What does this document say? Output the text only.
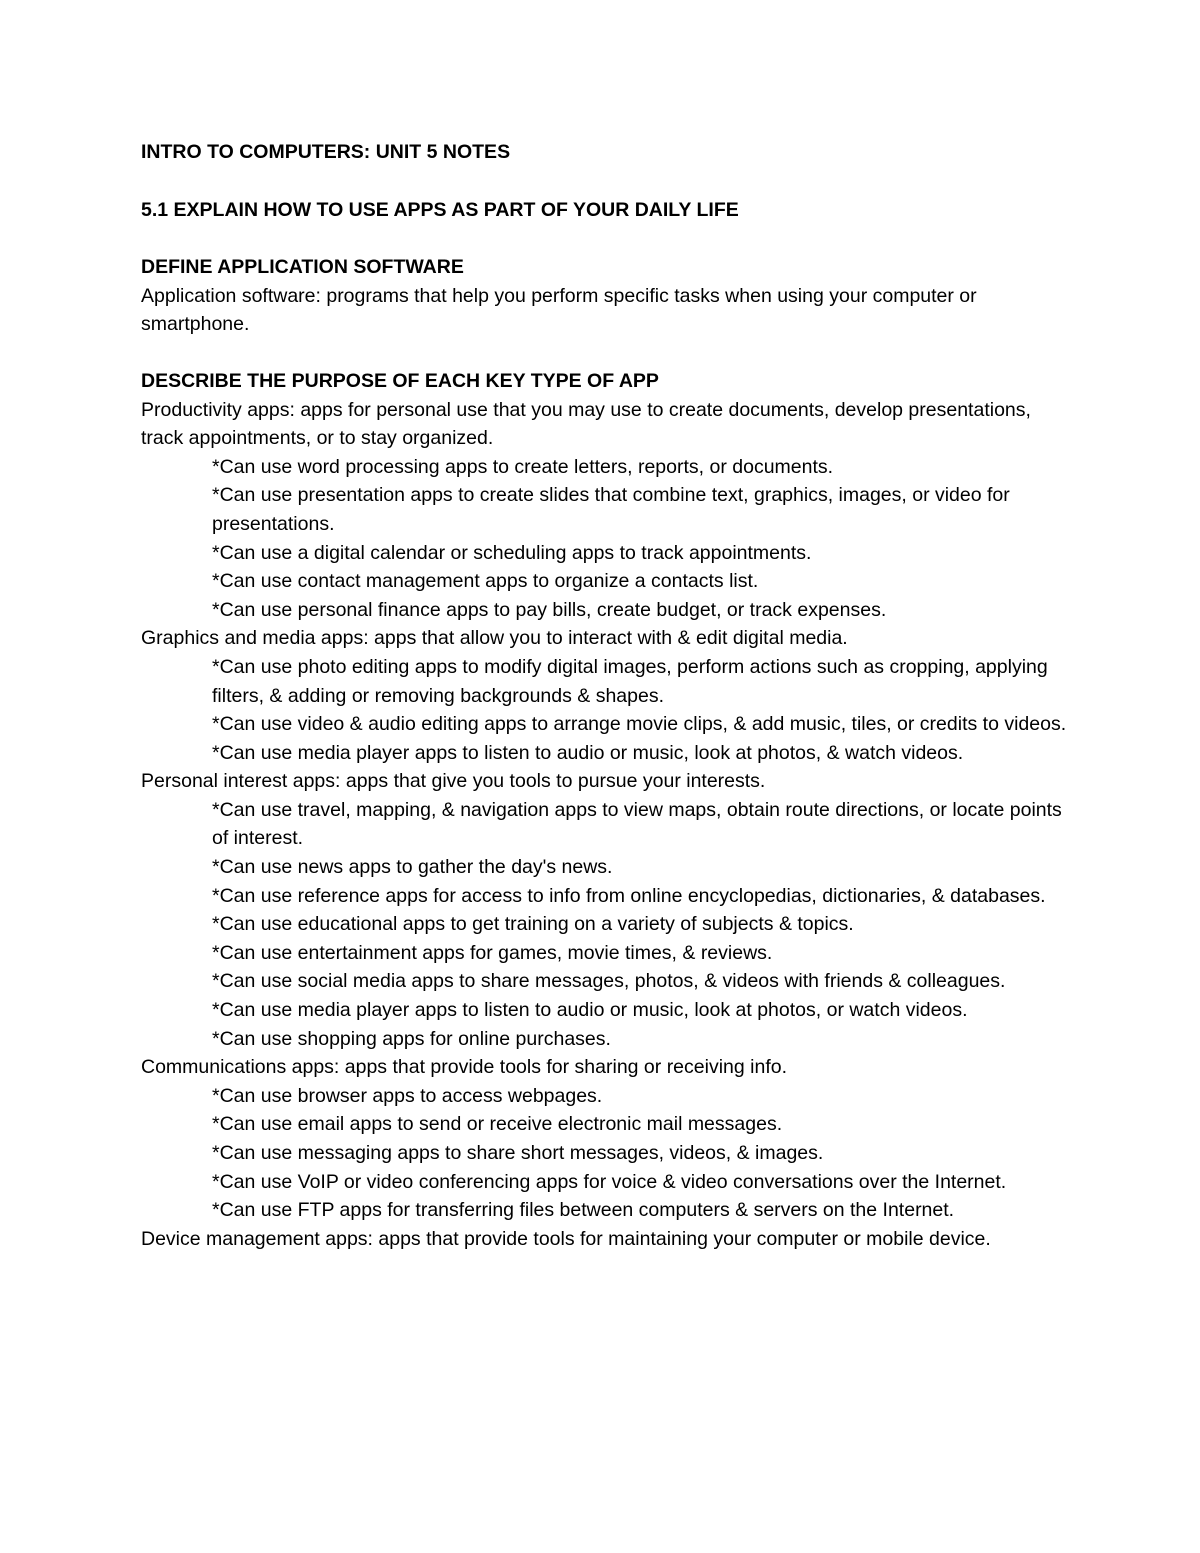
INTRO TO COMPUTERS: UNIT 5 NOTES
5.1 EXPLAIN HOW TO USE APPS AS PART OF YOUR DAILY LIFE
DEFINE APPLICATION SOFTWARE

Application software: programs that help you perform specific tasks when using your computer or smartphone.

DESCRIBE THE PURPOSE OF EACH KEY TYPE OF APP

Productivity apps: apps for personal use that you may use to create documents, develop presentations, track appointments, or to stay organized.

*Can use word processing apps to create letters, reports, or documents.
*Can use presentation apps to create slides that combine text, graphics, images, or video for presentations.
*Can use a digital calendar or scheduling apps to track appointments.
*Can use contact management apps to organize a contacts list.
*Can use personal finance apps to pay bills, create budget, or track expenses.

Graphics and media apps: apps that allow you to interact with & edit digital media.

*Can use photo editing apps to modify digital images, perform actions such as cropping, applying filters, & adding or removing backgrounds & shapes.
*Can use video & audio editing apps to arrange movie clips, & add music, tiles, or credits to videos.
*Can use media player apps to listen to audio or music, look at photos, & watch videos.

Personal interest apps: apps that give you tools to pursue your interests.

*Can use travel, mapping, & navigation apps to view maps, obtain route directions, or locate points of interest.
*Can use news apps to gather the day's news.
*Can use reference apps for access to info from online encyclopedias, dictionaries, & databases.
*Can use educational apps to get training on a variety of subjects & topics.
*Can use entertainment apps for games, movie times, & reviews.
*Can use social media apps to share messages, photos, & videos with friends & colleagues.
*Can use media player apps to listen to audio or music, look at photos, or watch videos.
*Can use shopping apps for online purchases.

Communications apps: apps that provide tools for sharing or receiving info.

*Can use browser apps to access webpages.
*Can use email apps to send or receive electronic mail messages.
*Can use messaging apps to share short messages, videos, & images.
*Can use VoIP or video conferencing apps for voice & video conversations over the Internet.
*Can use FTP apps for transferring files between computers & servers on the Internet.

Device management apps: apps that provide tools for maintaining your computer or mobile device.
